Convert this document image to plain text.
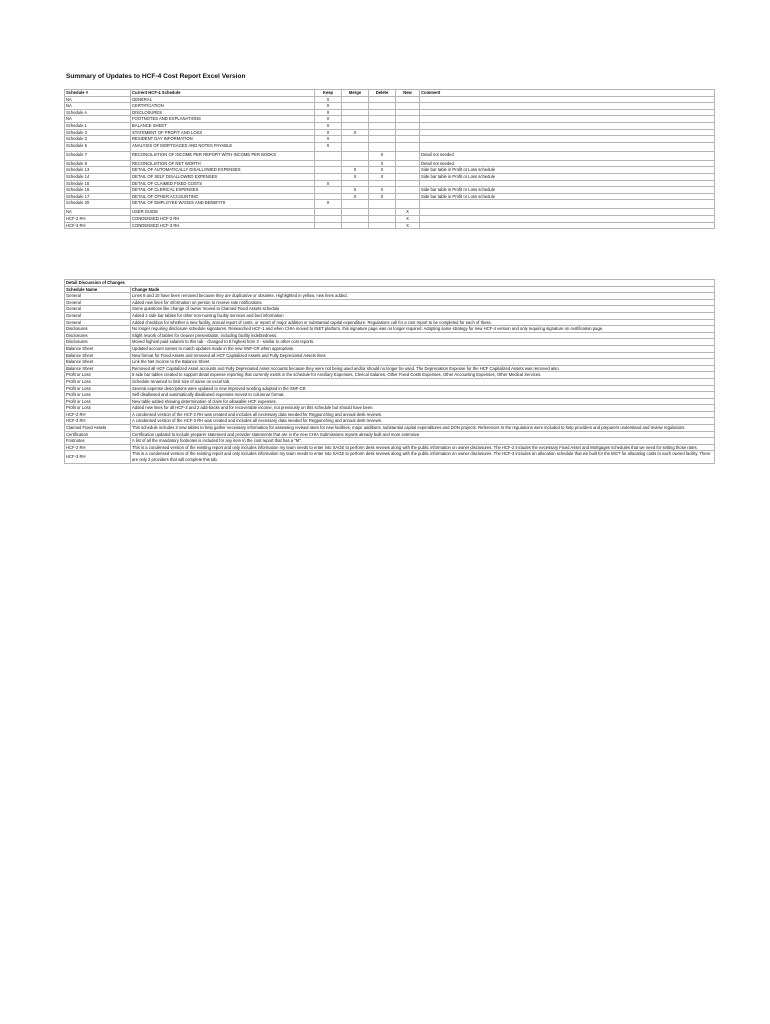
Summary of Updates to HCF-4 Cost Report Excel Version
Schedule #	Current HCF-4 Schedule	Keep	Merge	Delete	New	Comment
NA	GENERAL	X				
NA	CERTIFICATION	X				
Schedule A	DISCLOSURES	X				
NA	FOOTNOTES AND EXPLANATIONS	X				
Schedule 1	BALANCE SHEET	X				
Schedule 2	STATEMENT OF PROFIT AND LOSS	X	X			
Schedule 3	RESIDENT DAY INFORMATION	X				
Schedule 5	ANALYSIS OF MORTGAGES AND NOTES PAYABLE	X				
Schedule 7	RECONCILIATION OF INCOME PER REPORT WITH INCOME PER BOOKS			X		Detail not needed
Schedule 8	RECONCILIATION OF NET WORTH			X		Detail not needed
Schedule 13	DETAIL OF AUTOMATICALLY DISALLOWED EXPENSES		X	X		Side bar table in Profit or Loss schedule
Schedule 14	DETAIL OF SELF DISALLOWED EXPENSES		X	X		Side bar table in Profit or Loss schedule
Schedule 15	DETAIL OF CLAIMED FIXED COSTS	X				
Schedule 16	DETAIL OF CLERICAL EXPENSES		X	X		Side bar table in Profit or Loss schedule
Schedule 17	DETAIL OF OTHER ACCOUNTING		X	X		Side bar table in Profit or Loss schedule
Schedule 20	DETAIL OF EMPLOYEE WAGES AND BENEFITS	X				
NA	USER GUIDE				X	
HCF-2 RH	CONDENSED HCF-2 RH				X	
HCF-3 RH	CONDENSED HCF-3 RH				X	
Detail Discussion of Changes	
Schedule Name	Change Made
General	Lines 8 and 10 have been removed because they are duplicative or obsolete. Highlighted in yellow, new lines added.
General	Added new lines for information on person to receive rate notifications.
General	Some questions like change of owner moved to Claimed Fixed Assets schedule.
General	Added 2 side bar tables for other non-nursing facility services and bed information
General	Added checkbox for whether a new facility, annual report of costs, or report of major addition or substantial capital expenditure. Regulations call for a cost report to be completed for each of these.
Disclosures	No longer requiring disclosure schedule signatures. Researched HCF-1 and when CHIA moved to INET platform, this signature page was no longer required. Adopting same strategy for new HCF-4 version and only requiring signature on certification page.
Disclosures	Slight rework of tables for cleaner presentation, including facility indebtedness.
Disclosures	Moved highest paid salaries to this tab - changed to 5 highest from 3 - similar to other cost reports.
Balance Sheet	Updated account names to match updates made in the new SNF-CR when appropriate.
Balance Sheet	New format for Fixed Assets and removed all HCF Capitalized Assets and Fully Depreciated Assets lines
Balance Sheet	Link the Net Income to the Balance Sheet
Balance Sheet	Removed all HCF Capitalized Asset accounts and Fully Depreciated Asset Accounts because they were not being used and/or should no longer be used. The Depreciation Expense for the HCF Capitalized Assets was removed also.
Profit or Loss	5 side bar tables created to support detail expense reporting that currently exists in the schedule for Ancillary Expenses, Clerical Salaries, Other Fixed Costs Expenses, Other Accounting Expenses, Other Medical Services.
Profit or Loss	Schedule renamed to limit size of name on excel tab.
Profit or Loss	Several expense descriptions were updated to new improved wording adopted in the SNF-CR
Profit or Loss	Self disallowed and automatically disallowed expenses moved to columnar format.
Profit or Loss	New table added showing determination of claim for allowable HCF expenses.
Profit or Loss	Added new lines for all HCF-3 and 2 add-backs and for recoverable income, not previously on this schedule but should have been.
HCF-2 RH	A condensed version of the HCF-2 RH was created and includes all necessary data needed for Regpunching and annual desk reviews.
HCF-3 RH	A condensed version of the HCF-3 RH was created and includes all necessary data needed for Regpunching and annual desk reviews.
Claimed Fixed Assets	This schedule includes 2 new tables to help gather necessary information for assessing revised rates for new facilities, major additions, substantial capital expenditures and DON projects. References to the regulations were included to help providers and preparers understand and review regulations.
Certification	Certification updated to include preparer statement and provider statements that are in the new CHIA Submissions reports already built and more extensive.
Footnotes	A list of all the mandatory footnotes is included for any item in the cost report that has a "M".
HCF-2 RH	This is a condensed version of the existing report and only includes information my team needs to enter into SAGE to perform desk reviews along with the public information on owner disclosures. The HCF-2 includes the necessary Fixed Asset and Mortgages schedules that we need for setting those rates.
HCF-3 RH	This is a condensed version of the existing report and only includes information my team needs to enter into SAGE to perform desk reviews along with the public information on owner disclosures. The HCF-3 includes an allocation schedule that we built for the MGT for allocating costs to each owned facility. There are only 2 providers that will complete this tab.
